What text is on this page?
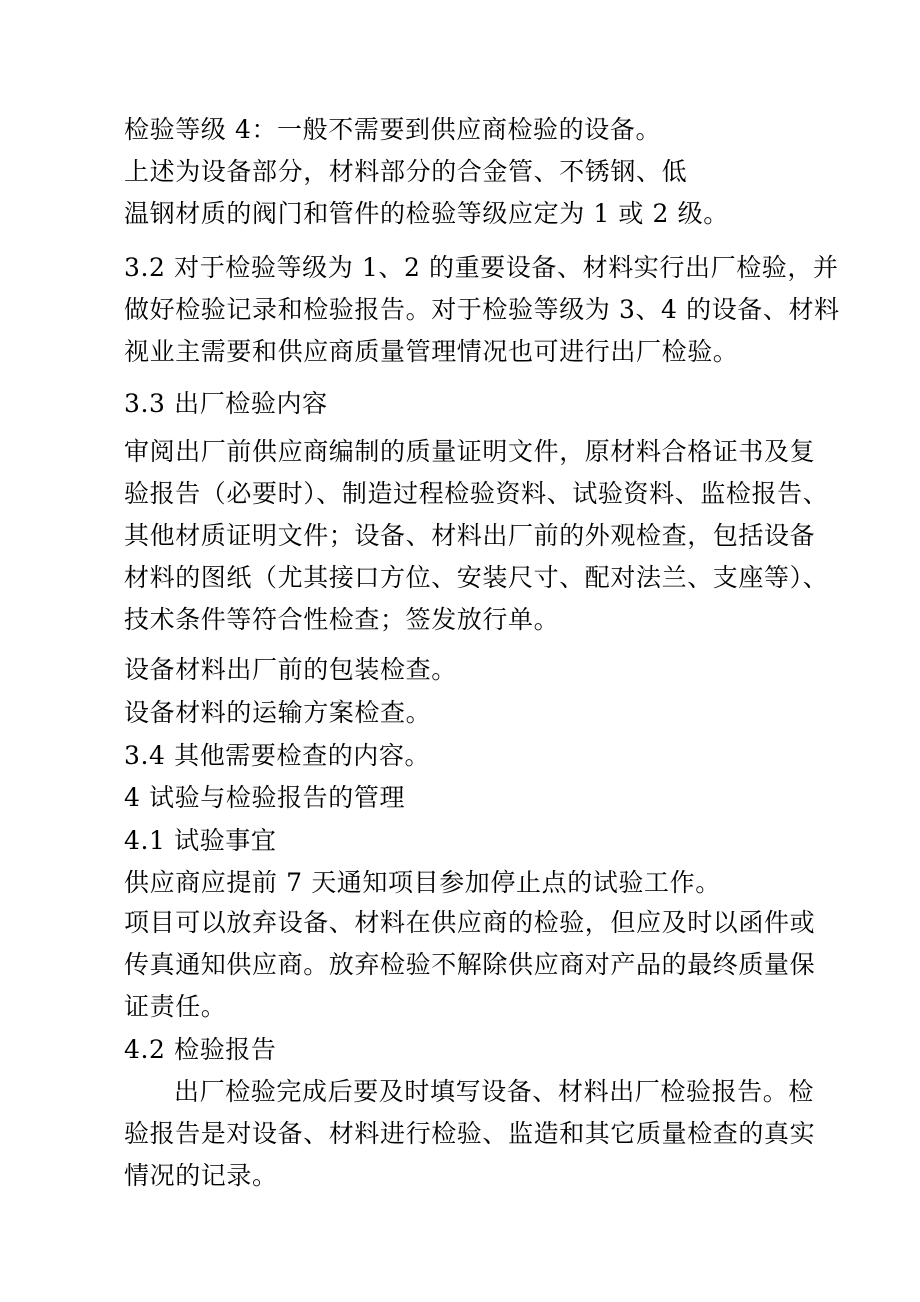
检验等级 4：一般不需要到供应商检验的设备。
上述为设备部分，材料部分的合金管、不锈钢、低
温钢材质的阀门和管件的检验等级应定为 1 或 2 级。
3.2 对于检验等级为 1、2 的重要设备、材料实行出厂检验，并
做好检验记录和检验报告。对于检验等级为 3、4 的设备、材料
视业主需要和供应商质量管理情况也可进行出厂检验。
3.3 出厂检验内容
审阅出厂前供应商编制的质量证明文件，原材料合格证书及复
验报告（必要时）、制造过程检验资料、试验资料、监检报告、
其他材质证明文件；设备、材料出厂前的外观检查，包括设备
材料的图纸（尤其接口方位、安装尺寸、配对法兰、支座等）、
技术条件等符合性检查；签发放行单。
设备材料出厂前的包装检查。
设备材料的运输方案检查。
3.4 其他需要检查的内容。
4 试验与检验报告的管理
4.1 试验事宜
供应商应提前 7 天通知项目参加停止点的试验工作。
项目可以放弃设备、材料在供应商的检验，但应及时以函件或
传真通知供应商。放弃检验不解除供应商对产品的最终质量保
证责任。
4.2 检验报告
出厂检验完成后要及时填写设备、材料出厂检验报告。检
验报告是对设备、材料进行检验、监造和其它质量检查的真实
情况的记录。
